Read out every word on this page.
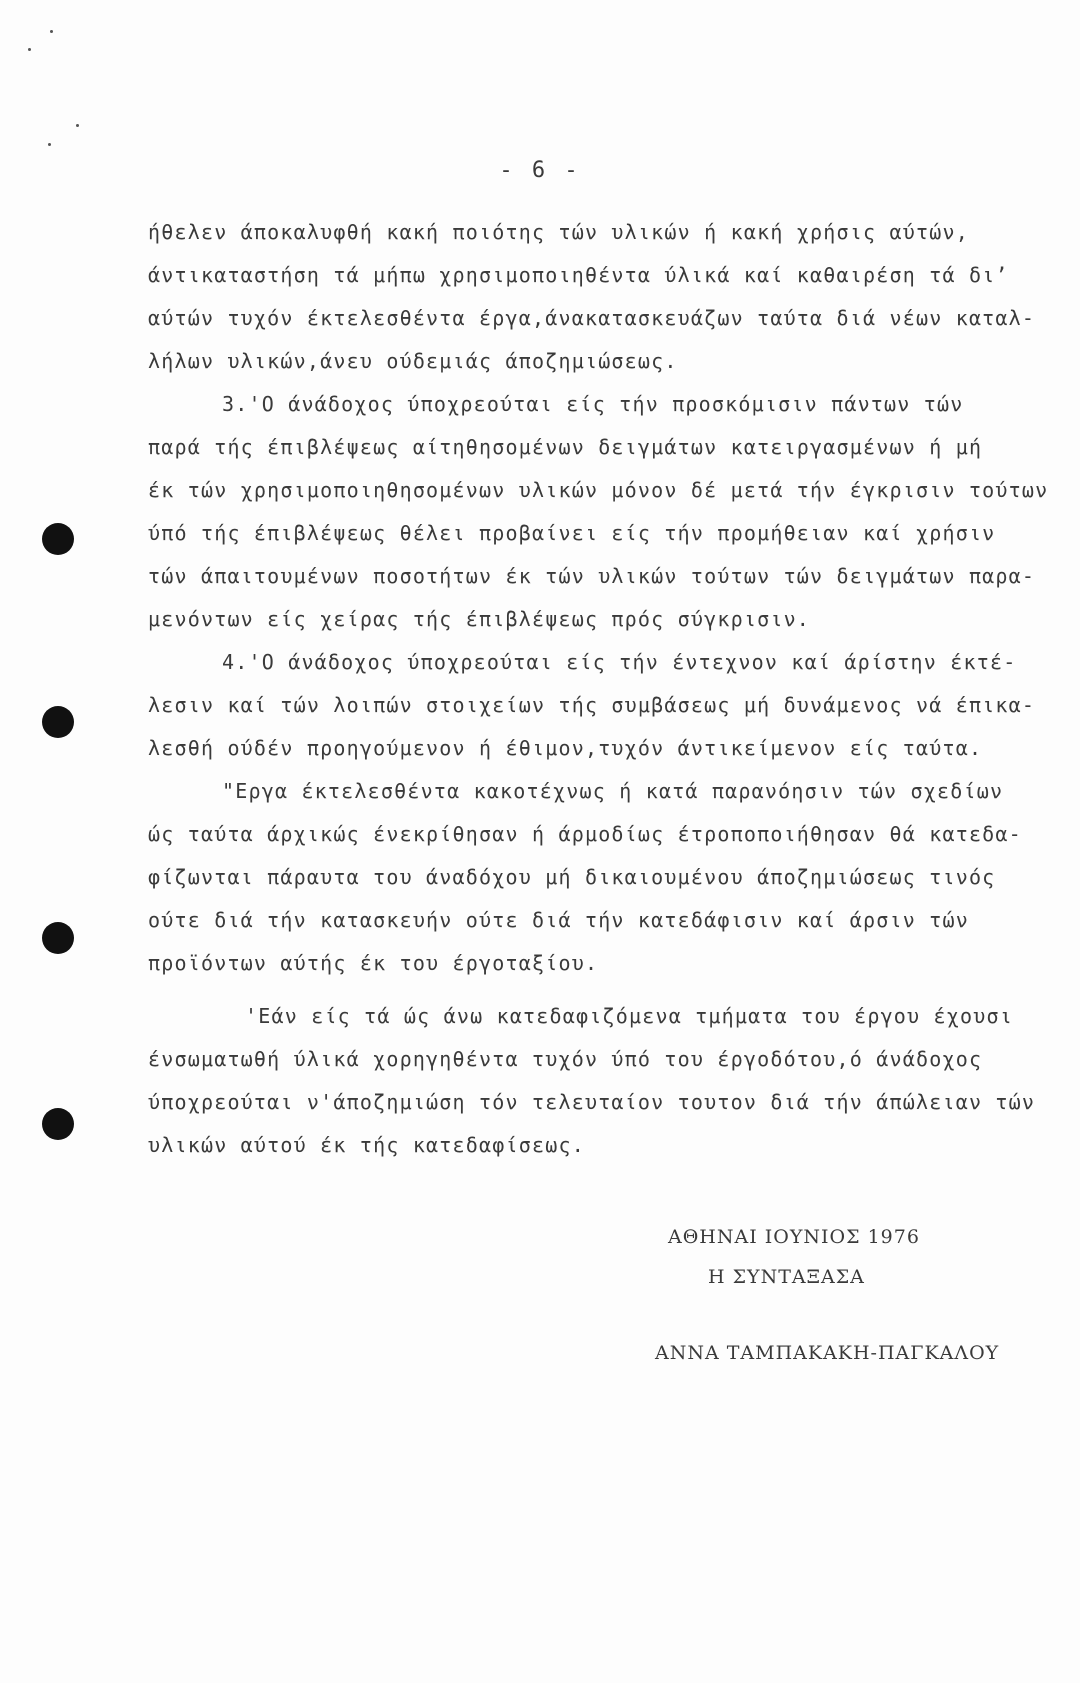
- 6 -
ήθελεν άποκαλυφθή κακή ποιότης τών υλικών ή κακή χρήσις αύτών,
άντικαταστήση τά μήπω χρησιμοποιηθέντα ύλικά καί καθαιρέση τά δι’
αύτών τυχόν έκτελεσθέντα έργα,άνακατασκευάζων ταύτα διά νέων καταλ-
λήλων υλικών,άνευ ούδεμιάς άποζημιώσεως.
3.'Ο άνάδοχος ύποχρεούται είς τήν προσκόμισιν πάντων τών
παρά τής έπιβλέψεως αίτηθησομένων δειγμάτων κατειργασμένων ή μή
έκ τών χρησιμοποιηθησομένων υλικών μόνον δέ μετά τήν έγκρισιν τούτων
ύπό τής έπιβλέψεως θέλει προβαίνει είς τήν προμήθειαν καί χρήσιν
τών άπαιτουμένων ποσοτήτων έκ τών υλικών τούτων τών δειγμάτων παρα-
μενόντων είς χείρας τής έπιβλέψεως πρός σύγκρισιν.
4.'Ο άνάδοχος ύποχρεούται είς τήν έντεχνον καί άρίστην έκτέ-
λεσιν καί τών λοιπών στοιχείων τής συμβάσεως μή δυνάμενος νά έπικα-
λεσθή ούδέν προηγούμενον ή έθιμον,τυχόν άντικείμενον είς ταύτα.
"Εργα έκτελεσθέντα κακοτέχνως ή κατά παρανόησιν τών σχεδίων
ώς ταύτα άρχικώς ένεκρίθησαν ή άρμοδίως έτροποποιήθησαν θά κατεδα-
φίζωνται πάραυτα του άναδόχου μή δικαιουμένου άποζημιώσεως τινός
ούτε διά τήν κατασκευήν ούτε διά τήν κατεδάφισιν καί άρσιν τών
προϊόντων αύτής έκ του έργοταξίου.
'Εάν είς τά ώς άνω κατεδαφιζόμενα τμήματα του έργου έχουσι
ένσωματωθή ύλικά χορηγηθέντα τυχόν ύπό του έργοδότου,ό άνάδοχος
ύποχρεούται ν'άποζημιώση τόν τελευταίον τουτον διά τήν άπώλειαν τών
υλικών αύτού έκ τής κατεδαφίσεως.
ΑΘΗΝΑΙ ΙΟΥΝΙΟΣ 1976
Η ΣΥΝΤΑΞΑΣΑ
ΑΝΝΑ ΤΑΜΠΑΚΑΚΗ-ΠΑΓΚΑΛΟΥ
